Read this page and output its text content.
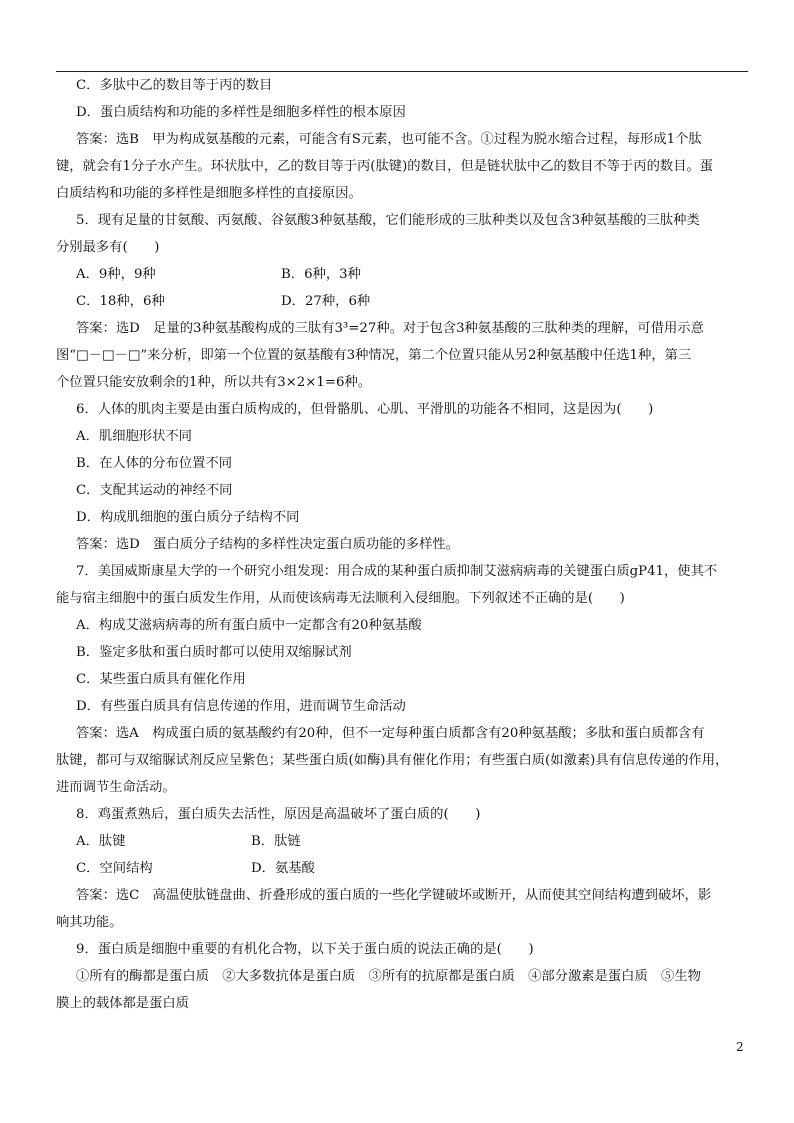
C．多肽中乙的数目等于丙的数目
D．蛋白质结构和功能的多样性是细胞多样性的根本原因
答案：选B　甲为构成氨基酸的元素，可能含有S元素，也可能不含。①过程为脱水缩合过程，每形成1个肽
键，就会有1分子水产生。环状肽中，乙的数目等于丙(肽键)的数目，但是链状肽中乙的数目不等于丙的数目。蛋
白质结构和功能的多样性是细胞多样性的直接原因。
5．现有足量的甘氨酸、丙氨酸、谷氨酸3种氨基酸，它们能形成的三肽种类以及包含3种氨基酸的三肽种类
分别最多有(　　)
A．9种，9种	B．6种，3种
C．18种，6种	D．27种，6种
答案：选D　足量的3种氨基酸构成的三肽有3³=27种。对于包含3种氨基酸的三肽种类的理解，可借用示意
图“□－□－□”来分析，即第一个位置的氨基酸有3种情况，第二个位置只能从另2种氨基酸中任选1种，第三
个位置只能安放剩余的1种，所以共有3×2×1=6种。
6．人体的肌肉主要是由蛋白质构成的，但骨骼肌、心肌、平滑肌的功能各不相同，这是因为(　　)
A．肌细胞形状不同
B．在人体的分布位置不同
C．支配其运动的神经不同
D．构成肌细胞的蛋白质分子结构不同
答案：选D　蛋白质分子结构的多样性决定蛋白质功能的多样性。
7．美国威斯康星大学的一个研究小组发现：用合成的某种蛋白质抑制艾滋病病毒的关键蛋白质gP41，使其不
能与宿主细胞中的蛋白质发生作用，从而使该病毒无法顺利入侵细胞。下列叙述不正确的是(　　)
A．构成艾滋病病毒的所有蛋白质中一定都含有20种氨基酸
B．鉴定多肽和蛋白质时都可以使用双缩脲试剂
C．某些蛋白质具有催化作用
D．有些蛋白质具有信息传递的作用，进而调节生命活动
答案：选A　构成蛋白质的氨基酸约有20种，但不一定每种蛋白质都含有20种氨基酸；多肽和蛋白质都含有
肽键，都可与双缩脲试剂反应呈紫色；某些蛋白质(如酶)具有催化作用；有些蛋白质(如激素)具有信息传递的作用，
进而调节生命活动。
8．鸡蛋煮熟后，蛋白质失去活性，原因是高温破坏了蛋白质的(　　)
A．肽键	B．肽链
C．空间结构	D．氨基酸
答案：选C　高温使肽链盘曲、折叠形成的蛋白质的一些化学键破坏或断开，从而使其空间结构遭到破坏，影
响其功能。
9．蛋白质是细胞中重要的有机化合物，以下关于蛋白质的说法正确的是(　　)
①所有的酶都是蛋白质　②大多数抗体是蛋白质　③所有的抗原都是蛋白质　④部分激素是蛋白质　⑤生物
膜上的载体都是蛋白质
2
